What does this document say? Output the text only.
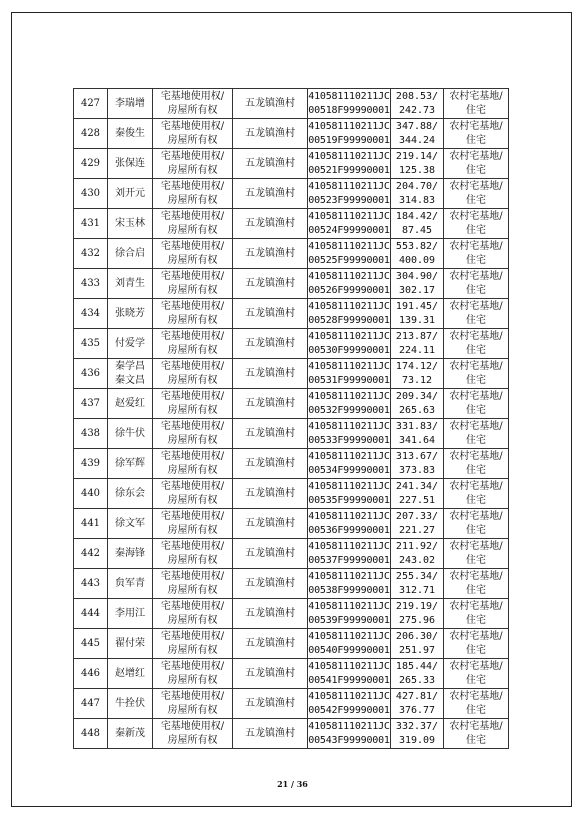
427	李瑞增	宅基地使用权/
房屋所有权	五龙镇渔村	410581110211JC
00518F99990001	208.53/
242.73	农村宅基地/
住宅

428	秦俊生	宅基地使用权/
房屋所有权	五龙镇渔村	410581110211JC
00519F99990001	347.88/
344.24	农村宅基地/
住宅

429	张保连	宅基地使用权/
房屋所有权	五龙镇渔村	410581110211JC
00521F99990001	219.14/
125.38	农村宅基地/
住宅

430	刘开元	宅基地使用权/
房屋所有权	五龙镇渔村	410581110211JC
00523F99990001	204.70/
314.83	农村宅基地/
住宅

431	宋玉林	宅基地使用权/
房屋所有权	五龙镇渔村	410581110211JC
00524F99990001	184.42/
87.45	农村宅基地/
住宅

432	徐合启	宅基地使用权/
房屋所有权	五龙镇渔村	410581110211JC
00525F99990001	553.82/
400.09	农村宅基地/
住宅

433	刘青生	宅基地使用权/
房屋所有权	五龙镇渔村	410581110211JC
00526F99990001	304.90/
302.17	农村宅基地/
住宅

434	张晓芳	宅基地使用权/
房屋所有权	五龙镇渔村	410581110211JC
00528F99990001	191.45/
139.31	农村宅基地/
住宅

435	付爱学	宅基地使用权/
房屋所有权	五龙镇渔村	410581110211JC
00530F99990001	213.87/
224.11	农村宅基地/
住宅

436	秦学昌
秦文昌	宅基地使用权/
房屋所有权	五龙镇渔村	410581110211JC
00531F99990001	174.12/
73.12	农村宅基地/
住宅

437	赵爱红	宅基地使用权/
房屋所有权	五龙镇渔村	410581110211JC
00532F99990001	209.34/
265.63	农村宅基地/
住宅

438	徐牛伏	宅基地使用权/
房屋所有权	五龙镇渔村	410581110211JC
00533F99990001	331.83/
341.64	农村宅基地/
住宅

439	徐军辉	宅基地使用权/
房屋所有权	五龙镇渔村	410581110211JC
00534F99990001	313.67/
373.83	农村宅基地/
住宅

440	徐东会	宅基地使用权/
房屋所有权	五龙镇渔村	410581110211JC
00535F99990001	241.34/
227.51	农村宅基地/
住宅

441	徐文军	宅基地使用权/
房屋所有权	五龙镇渔村	410581110211JC
00536F99990001	207.33/
221.27	农村宅基地/
住宅

442	秦海锋	宅基地使用权/
房屋所有权	五龙镇渔村	410581110211JC
00537F99990001	211.92/
243.02	农村宅基地/
住宅

443	贠军青	宅基地使用权/
房屋所有权	五龙镇渔村	410581110211JC
00538F99990001	255.34/
312.71	农村宅基地/
住宅

444	李用江	宅基地使用权/
房屋所有权	五龙镇渔村	410581110211JC
00539F99990001	219.19/
275.96	农村宅基地/
住宅

445	翟付荣	宅基地使用权/
房屋所有权	五龙镇渔村	410581110211JC
00540F99990001	206.30/
251.97	农村宅基地/
住宅

446	赵增红	宅基地使用权/
房屋所有权	五龙镇渔村	410581110211JC
00541F99990001	185.44/
265.33	农村宅基地/
住宅

447	牛拴伏	宅基地使用权/
房屋所有权	五龙镇渔村	410581110211JC
00542F99990001	427.81/
376.77	农村宅基地/
住宅

448	秦新茂	宅基地使用权/
房屋所有权	五龙镇渔村	410581110211JC
00543F99990001	332.37/
319.09	农村宅基地/
住宅
21 / 36
